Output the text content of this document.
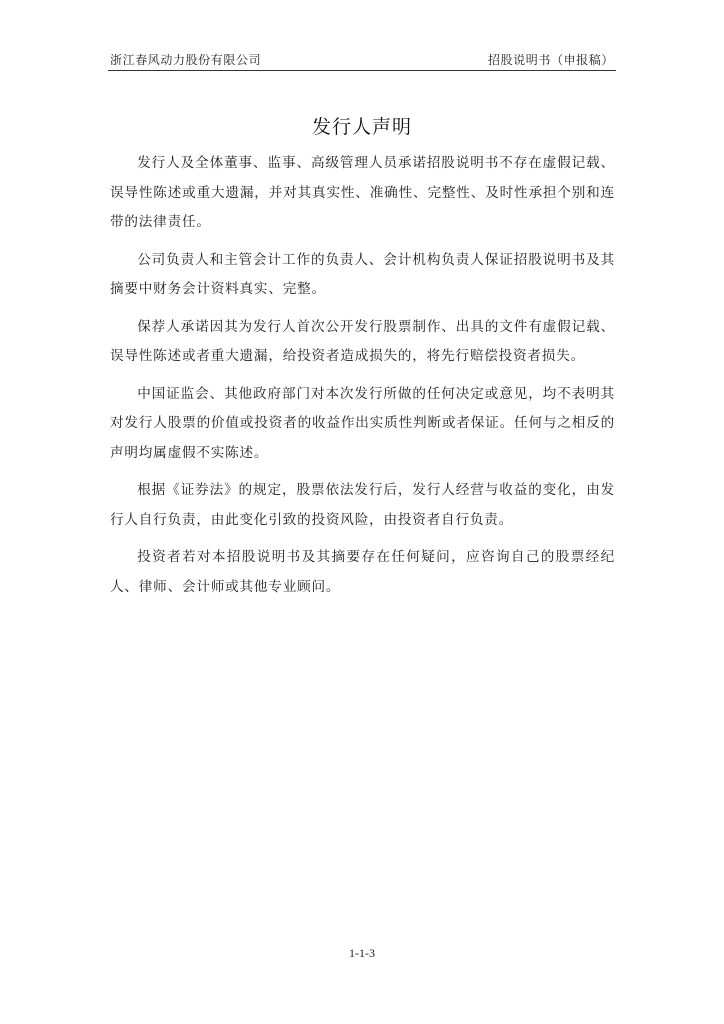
浙江春风动力股份有限公司	招股说明书（申报稿）
发行人声明

发行人及全体董事、监事、高级管理人员承诺招股说明书不存在虚假记载、误导性陈述或重大遗漏，并对其真实性、准确性、完整性、及时性承担个别和连带的法律责任。

公司负责人和主管会计工作的负责人、会计机构负责人保证招股说明书及其摘要中财务会计资料真实、完整。

保荐人承诺因其为发行人首次公开发行股票制作、出具的文件有虚假记载、误导性陈述或者重大遗漏，给投资者造成损失的，将先行赔偿投资者损失。

中国证监会、其他政府部门对本次发行所做的任何决定或意见，均不表明其对发行人股票的价值或投资者的收益作出实质性判断或者保证。任何与之相反的声明均属虚假不实陈述。

根据《证券法》的规定，股票依法发行后，发行人经营与收益的变化，由发行人自行负责，由此变化引致的投资风险，由投资者自行负责。

投资者若对本招股说明书及其摘要存在任何疑问，应咨询自己的股票经纪人、律师、会计师或其他专业顾问。

1-1-3
